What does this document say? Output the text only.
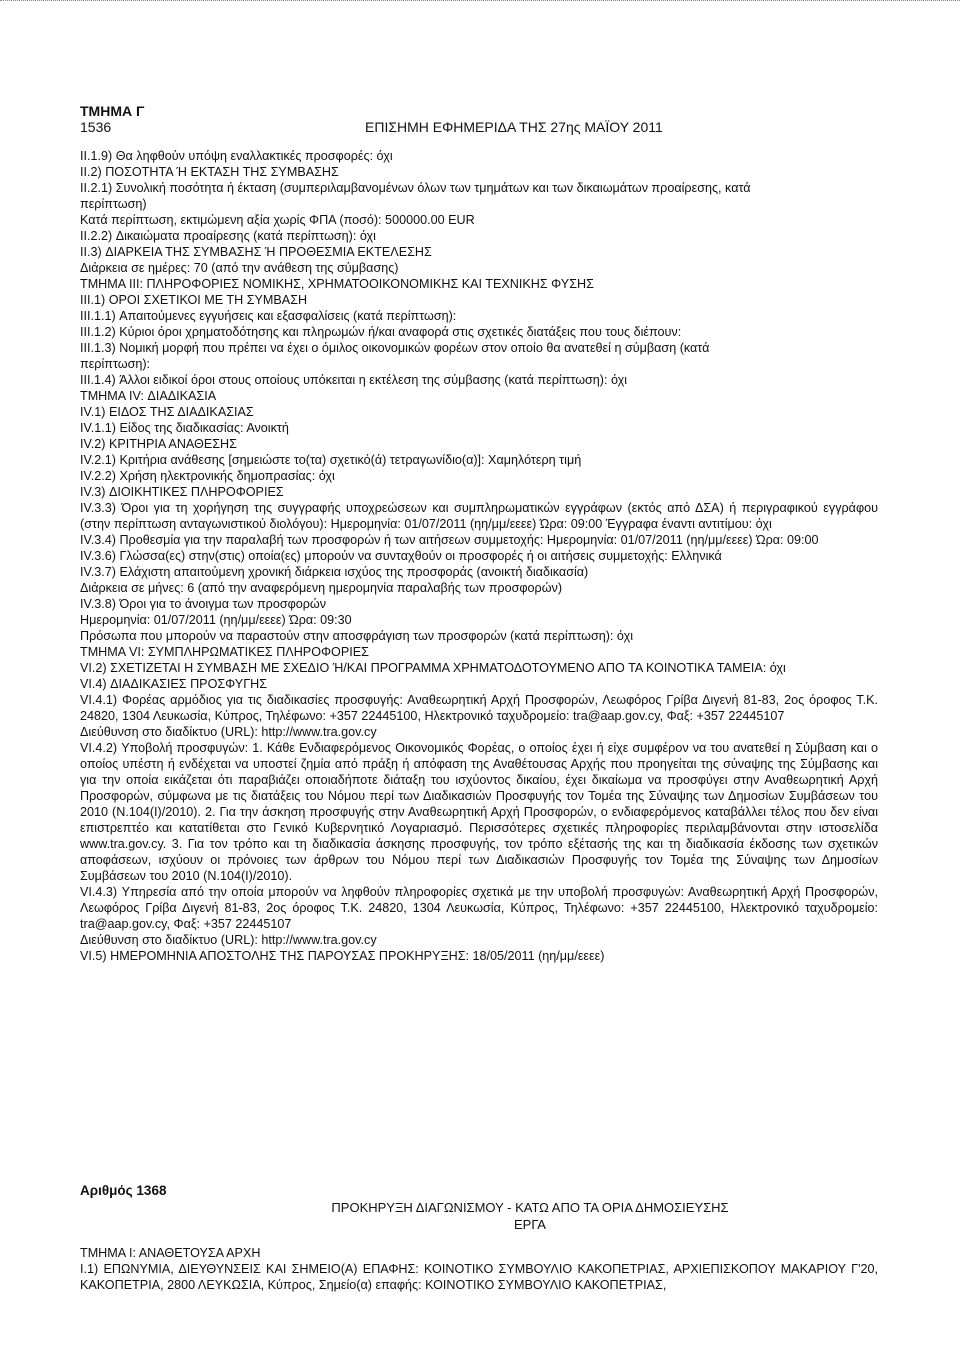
ΤΜΗΜΑ Γ
1536	ΕΠΙΣΗΜΗ ΕΦΗΜΕΡΙΔΑ ΤΗΣ 27ης ΜΑΪΟΥ 2011

II.1.9) Θα ληφθούν υπόψη εναλλακτικές προσφορές: όχι

II.2) ΠΟΣΟΤΗΤΑ Ή ΕΚΤΑΣΗ ΤΗΣ ΣΥΜΒΑΣΗΣ

II.2.1) Συνολική ποσότητα ή έκταση (συμπεριλαμβανομένων όλων των τμημάτων και των δικαιωμάτων προαίρεσης, κατά

περίπτωση)

Κατά περίπτωση, εκτιμώμενη αξία χωρίς ΦΠΑ (ποσό): 500000.00 EUR

II.2.2) Δικαιώματα προαίρεσης (κατά περίπτωση): όχι

II.3) ΔΙΑΡΚΕΙΑ ΤΗΣ ΣΥΜΒΑΣΗΣ Ή ΠΡΟΘΕΣΜΙΑ ΕΚΤΕΛΕΣΗΣ

Διάρκεια σε ημέρες: 70 (από την ανάθεση της σύμβασης)

ΤΜΗΜΑ III: ΠΛΗΡΟΦΟΡΙΕΣ ΝΟΜΙΚΗΣ, ΧΡΗΜΑΤΟΟΙΚΟΝΟΜΙΚΗΣ ΚΑΙ ΤΕΧΝΙΚΗΣ ΦΥΣΗΣ

III.1) ΟΡΟΙ ΣΧΕΤΙΚΟΙ ΜΕ ΤΗ ΣΥΜΒΑΣΗ

III.1.1) Απαιτούμενες εγγυήσεις και εξασφαλίσεις (κατά περίπτωση):

III.1.2) Κύριοι όροι χρηματοδότησης και πληρωμών ή/και αναφορά στις σχετικές διατάξεις που τους διέπουν:

III.1.3) Νομική μορφή που πρέπει να έχει ο όμιλος οικονομικών φορέων στον οποίο θα ανατεθεί η σύμβαση (κατά

περίπτωση):

III.1.4) Άλλοι ειδικοί όροι στους οποίους υπόκειται η εκτέλεση της σύμβασης (κατά περίπτωση): όχι

ΤΜΗΜΑ IV: ΔΙΑΔΙΚΑΣΙΑ

IV.1) ΕΙΔΟΣ ΤΗΣ ΔΙΑΔΙΚΑΣΙΑΣ

IV.1.1) Είδος της διαδικασίας: Ανοικτή

IV.2) ΚΡΙΤΗΡΙΑ ΑΝΑΘΕΣΗΣ

IV.2.1) Κριτήρια ανάθεσης [σημειώστε το(τα) σχετικό(ά) τετραγωνίδιο(α)]: Χαμηλότερη τιμή

IV.2.2) Χρήση ηλεκτρονικής δημοπρασίας: όχι

IV.3) ΔΙΟΙΚΗΤΙΚΕΣ ΠΛΗΡΟΦΟΡΙΕΣ

IV.3.3) Όροι για τη χορήγηση της συγγραφής υποχρεώσεων και συμπληρωματικών εγγράφων (εκτός από ΔΣΑ) ή περιγραφικού εγγράφου (στην περίπτωση ανταγωνιστικού διολόγου): Ημερομηνία: 01/07/2011 (ηη/μμ/εεεε) Ώρα: 09:00 Έγγραφα έναντι αντιτίμου: όχι

IV.3.4) Προθεσμία για την παραλαβή των προσφορών ή των αιτήσεων συμμετοχής: Ημερομηνία: 01/07/2011 (ηη/μμ/εεεε) Ώρα: 09:00

IV.3.6) Γλώσσα(ες) στην(στις) οποία(ες) μπορούν να συνταχθούν οι προσφορές ή οι αιτήσεις συμμετοχής: Ελληνικά

IV.3.7) Ελάχιστη απαιτούμενη χρονική διάρκεια ισχύος της προσφοράς (ανοικτή διαδικασία)

Διάρκεια σε μήνες: 6 (από την αναφερόμενη ημερομηνία παραλαβής των προσφορών)

IV.3.8) Όροι για το άνοιγμα των προσφορών

Ημερομηνία: 01/07/2011 (ηη/μμ/εεεε) Ώρα: 09:30

Πρόσωπα που μπορούν να παραστούν στην αποσφράγιση των προσφορών (κατά περίπτωση): όχι

ΤΜΗΜΑ VI: ΣΥΜΠΛΗΡΩΜΑΤΙΚΕΣ ΠΛΗΡΟΦΟΡΙΕΣ

VI.2) ΣΧΕΤΙΖΕΤΑΙ Η ΣΥΜΒΑΣΗ ΜΕ ΣΧΕΔΙΟ Ή/ΚΑΙ ΠΡΟΓΡΑΜΜΑ ΧΡΗΜΑΤΟΔΟΤΟΥΜΕΝΟ ΑΠΟ ΤΑ ΚΟΙΝΟΤΙΚΑ ΤΑΜΕΙΑ: όχι

VI.4) ΔΙΑΔΙΚΑΣΙΕΣ ΠΡΟΣΦΥΓΗΣ

VI.4.1) Φορέας αρμόδιος για τις διαδικασίες προσφυγής: Αναθεωρητική Αρχή Προσφορών, Λεωφόρος Γρίβα Διγενή 81-83, 2ος όροφος Τ.Κ. 24820, 1304 Λευκωσία, Κύπρος, Τηλέφωνο: +357 22445100, Ηλεκτρονικό ταχυδρομείο: tra@aap.gov.cy, Φαξ: +357 22445107

Διεύθυνση στο διαδίκτυο (URL): http://www.tra.gov.cy

VI.4.2) Υποβολή προσφυγών: 1. Κάθε Ενδιαφερόμενος Οικονομικός Φορέας, ο οποίος έχει ή είχε συμφέρον να του ανατεθεί η Σύμβαση και ο οποίος υπέστη ή ενδέχεται να υποστεί ζημία από πράξη ή απόφαση της Αναθέτουσας Αρχής που προηγείται της σύναψης της Σύμβασης και για την οποία εικάζεται ότι παραβιάζει οποιαδήποτε διάταξη του ισχύοντος δικαίου, έχει δικαίωμα να προσφύγει στην Αναθεωρητική Αρχή Προσφορών, σύμφωνα με τις διατάξεις του Νόμου περί των Διαδικασιών Προσφυγής τον Τομέα της Σύναψης των Δημοσίων Συμβάσεων του 2010 (Ν.104(Ι)/2010). 2. Για την άσκηση προσφυγής στην Αναθεωρητική Αρχή Προσφορών, ο ενδιαφερόμενος καταβάλλει τέλος που δεν είναι επιστρεπτέο και κατατίθεται στο Γενικό Κυβερνητικό Λογαριασμό. Περισσότερες σχετικές πληροφορίες περιλαμβάνονται στην ιστοσελίδα www.tra.gov.cy. 3. Για τον τρόπο και τη διαδικασία άσκησης προσφυγής, τον τρόπο εξέτασής της και τη διαδικασία έκδοσης των σχετικών αποφάσεων, ισχύουν οι πρόνοιες των άρθρων του Νόμου περί των Διαδικασιών Προσφυγής τον Τομέα της Σύναψης των Δημοσίων Συμβάσεων του 2010 (Ν.104(Ι)/2010).

VI.4.3) Υπηρεσία από την οποία μπορούν να ληφθούν πληροφορίες σχετικά με την υποβολή προσφυγών: Αναθεωρητική Αρχή Προσφορών, Λεωφόρος Γρίβα Διγενή 81-83, 2ος όροφος Τ.Κ. 24820, 1304 Λευκωσία, Κύπρος, Τηλέφωνο: +357 22445100, Ηλεκτρονικό ταχυδρομείο: tra@aap.gov.cy, Φαξ: +357 22445107

Διεύθυνση στο διαδίκτυο (URL): http://www.tra.gov.cy

VI.5) ΗΜΕΡΟΜΗΝΙΑ ΑΠΟΣΤΟΛΗΣ ΤΗΣ ΠΑΡΟΥΣΑΣ ΠΡΟΚΗΡΥΞΗΣ: 18/05/2011 (ηη/μμ/εεεε)

Αριθμός 1368
ΠΡΟΚΗΡΥΞΗ ΔΙΑΓΩΝΙΣΜΟΥ - ΚΑΤΩ ΑΠΟ ΤΑ ΟΡΙΑ ΔΗΜΟΣΙΕΥΣΗΣ
ΕΡΓΑ

ΤΜΗΜΑ Ι: ΑΝΑΘΕΤΟΥΣΑ ΑΡΧΗ

Ι.1) ΕΠΩΝΥΜΙΑ, ΔΙΕΥΘΥΝΣΕΙΣ ΚΑΙ ΣΗΜΕΙΟ(Α) ΕΠΑΦΗΣ: ΚΟΙΝΟΤΙΚΟ ΣΥΜΒΟΥΛΙΟ ΚΑΚΟΠΕΤΡΙΑΣ, ΑΡΧΙΕΠΙΣΚΟΠΟΥ ΜΑΚΑΡΙΟΥ Γ'20, ΚΑΚΟΠΕΤΡΙΑ, 2800 ΛΕΥΚΩΣΙΑ, Κύπρος, Σημείο(α) επαφής: ΚΟΙΝΟΤΙΚΟ ΣΥΜΒΟΥΛΙΟ ΚΑΚΟΠΕΤΡΙΑΣ,
